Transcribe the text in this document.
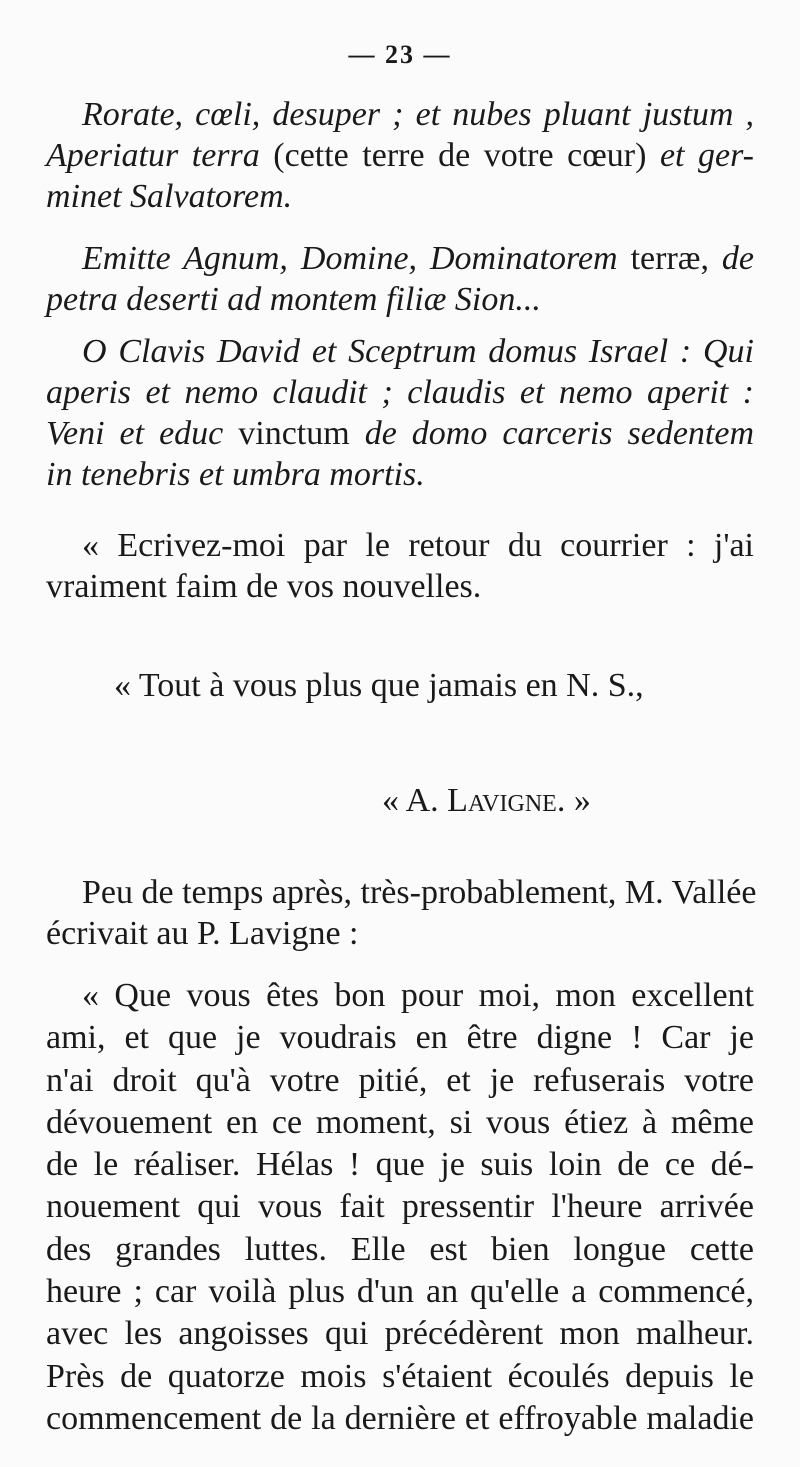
— 23 —
Rorate, cœli, desuper ; et nubes pluant justum ,
Aperiatur terra (cette terre de votre cœur) et ger-
minet Salvatorem.
Emitte Agnum, Domine, Dominatorem terræ, de
petra deserti ad montem filiæ Sion...
O Clavis David et Sceptrum domus Israel : Qui
aperis et nemo claudit ; claudis et nemo aperit :
Veni et educ vinctum de domo carceris sedentem
in tenebris et umbra mortis.
« Ecrivez-moi par le retour du courrier : j'ai
vraiment faim de vos nouvelles.
« Tout à vous plus que jamais en N. S.,
« A. Lavigne. »
Peu de temps après, très-probablement, M. Vallée
écrivait au P. Lavigne :
« Que vous êtes bon pour moi, mon excellent
ami, et que je voudrais en être digne ! Car je
n'ai droit qu'à votre pitié, et je refuserais votre
dévouement en ce moment, si vous étiez à même
de le réaliser. Hélas ! que je suis loin de ce dé-
nouement qui vous fait pressentir l'heure arrivée
des grandes luttes. Elle est bien longue cette
heure ; car voilà plus d'un an qu'elle a commencé,
avec les angoisses qui précédèrent mon malheur.
Près de quatorze mois s'étaient écoulés depuis le
commencement de la dernière et effroyable maladie
